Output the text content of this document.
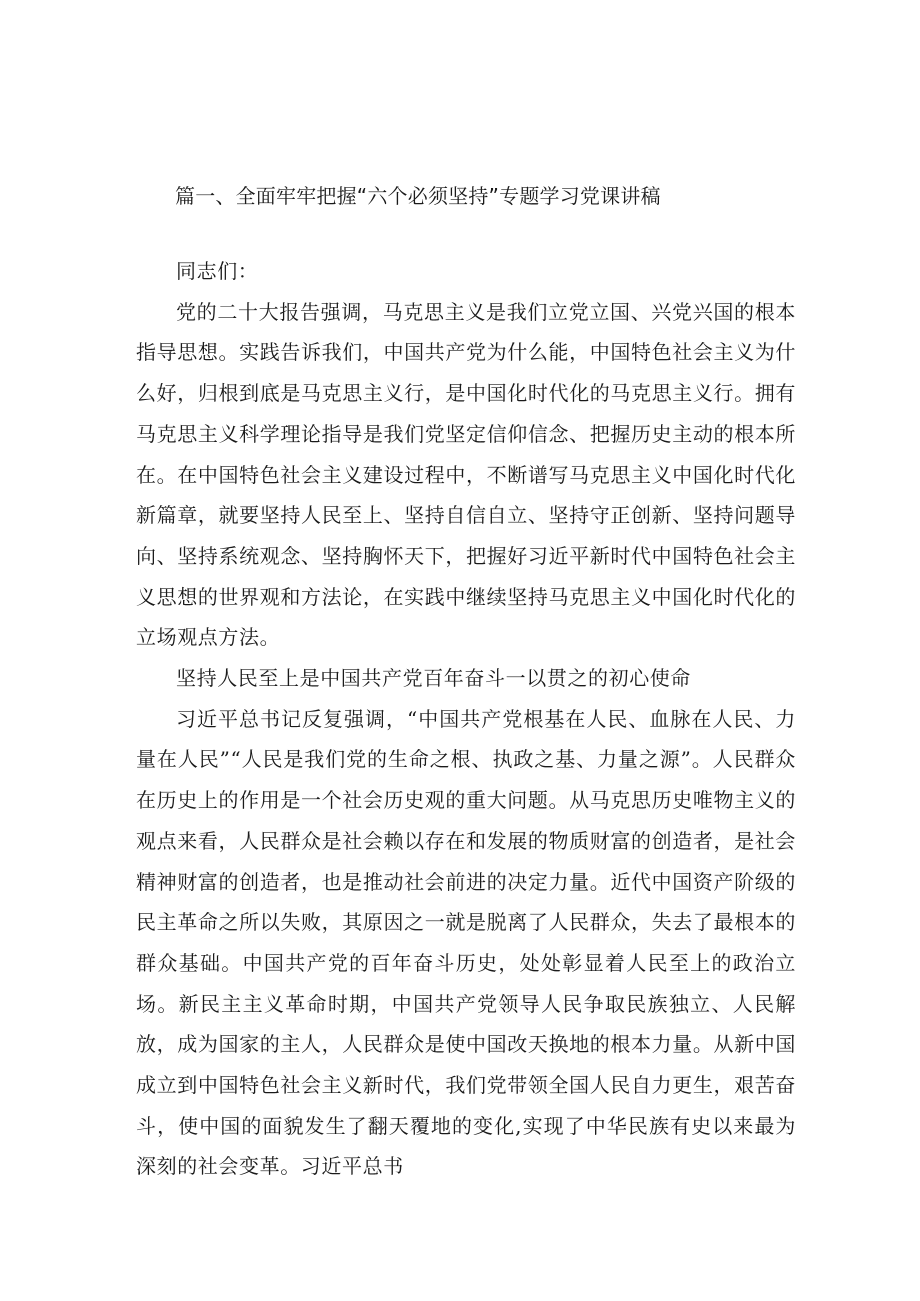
篇一、全面牢牢把握“六个必须坚持”专题学习党课讲稿

同志们：

党的二十大报告强调，马克思主义是我们立党立国、兴党兴国的根本指导思想。实践告诉我们，中国共产党为什么能，中国特色社会主义为什么好，归根到底是马克思主义行，是中国化时代化的马克思主义行。拥有马克思主义科学理论指导是我们党坚定信仰信念、把握历史主动的根本所在。在中国特色社会主义建设过程中，不断谱写马克思主义中国化时代化新篇章，就要坚持人民至上、坚持自信自立、坚持守正创新、坚持问题导向、坚持系统观念、坚持胸怀天下，把握好习近平新时代中国特色社会主义思想的世界观和方法论，在实践中继续坚持马克思主义中国化时代化的立场观点方法。

坚持人民至上是中国共产党百年奋斗一以贯之的初心使命

习近平总书记反复强调，“中国共产党根基在人民、血脉在人民、力量在人民”“人民是我们党的生命之根、执政之基、力量之源”。人民群众在历史上的作用是一个社会历史观的重大问题。从马克思历史唯物主义的观点来看，人民群众是社会赖以存在和发展的物质财富的创造者，是社会精神财富的创造者，也是推动社会前进的决定力量。近代中国资产阶级的民主革命之所以失败，其原因之一就是脱离了人民群众，失去了最根本的群众基础。中国共产党的百年奋斗历史，处处彰显着人民至上的政治立场。新民主主义革命时期，中国共产党领导人民争取民族独立、人民解放，成为国家的主人，人民群众是使中国改天换地的根本力量。从新中国成立到中国特色社会主义新时代，我们党带领全国人民自力更生，艰苦奋斗，使中国的面貌发生了翻天覆地的变化,实现了中华民族有史以来最为深刻的社会变革。习近平总书
